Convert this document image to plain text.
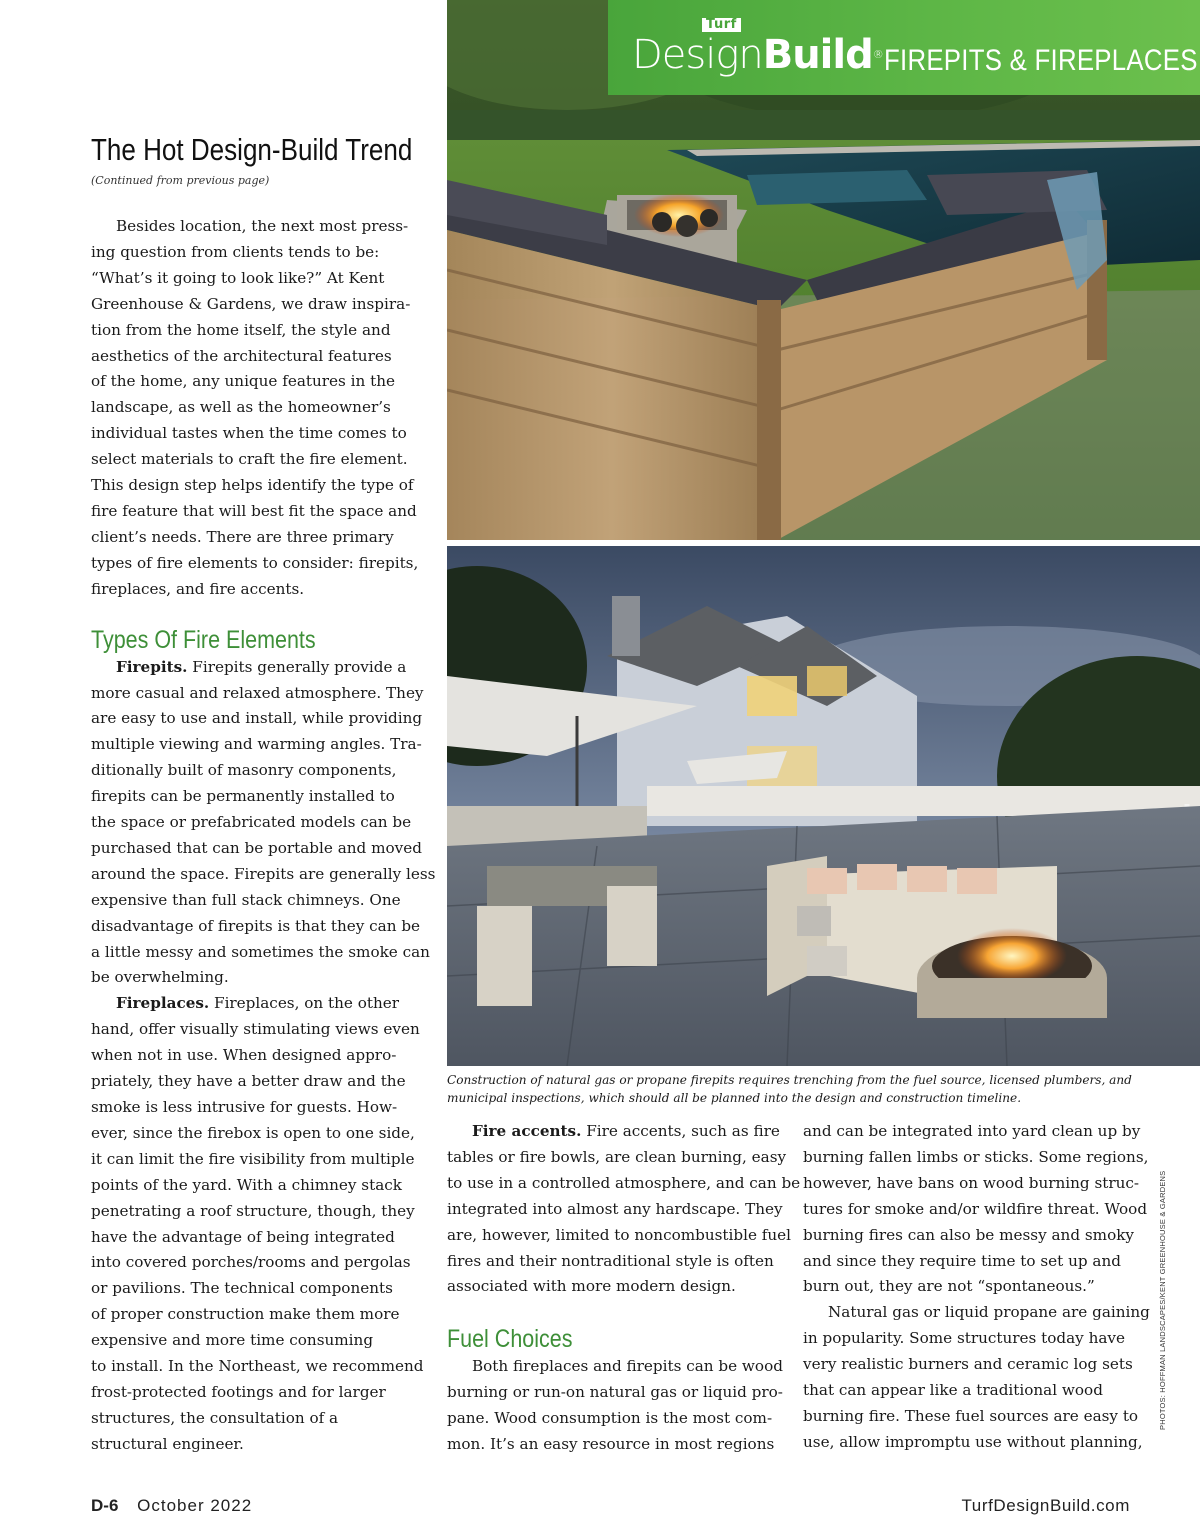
Turf
DesignBuild® FIREPITS & FIREPLACES
The Hot Design-Build Trend
(Continued from previous page)

Besides location, the next most press-
ing question from clients tends to be:
“What’s it going to look like?” At Kent
Greenhouse & Gardens, we draw inspira-
tion from the home itself, the style and
aesthetics of the architectural features
of the home, any unique features in the
landscape, as well as the homeowner’s
individual tastes when the time comes to
select materials to craft the fire element.
This design step helps identify the type of
fire feature that will best fit the space and
client’s needs. There are three primary
types of fire elements to consider: firepits,
fireplaces, and fire accents.

Types Of Fire Elements

Firepits. Firepits generally provide a
more casual and relaxed atmosphere. They
are easy to use and install, while providing
multiple viewing and warming angles. Tra-
ditionally built of masonry components,
firepits can be permanently installed to
the space or prefabricated models can be
purchased that can be portable and moved
around the space. Firepits are generally less
expensive than full stack chimneys. One
disadvantage of firepits is that they can be
a little messy and sometimes the smoke can
be overwhelming.

Fireplaces. Fireplaces, on the other
hand, offer visually stimulating views even
when not in use. When designed appro-
priately, they have a better draw and the
smoke is less intrusive for guests. How-
ever, since the firebox is open to one side,
it can limit the fire visibility from multiple
points of the yard. With a chimney stack
penetrating a roof structure, though, they
have the advantage of being integrated
into covered porches/rooms and pergolas
or pavilions. The technical components
of proper construction make them more
expensive and more time consuming
to install. In the Northeast, we recommend
frost-protected footings and for larger
structures, the consultation of a
structural engineer.

Construction of natural gas or propane firepits requires trenching from the fuel source, licensed plumbers, and municipal inspections, which should all be planned into the design and construction timeline.

Fire accents. Fire accents, such as fire
tables or fire bowls, are clean burning, easy
to use in a controlled atmosphere, and can be
integrated into almost any hardscape. They
are, however, limited to noncombustible fuel
fires and their nontraditional style is often
associated with more modern design.

Fuel Choices

Both fireplaces and firepits can be wood
burning or run-on natural gas or liquid pro-
pane. Wood consumption is the most com-
mon. It’s an easy resource in most regions

and can be integrated into yard clean up by
burning fallen limbs or sticks. Some regions,
however, have bans on wood burning struc-
tures for smoke and/or wildfire threat. Wood
burning fires can also be messy and smoky
and since they require time to set up and
burn out, they are not “spontaneous.”

Natural gas or liquid propane are gaining
in popularity. Some structures today have
very realistic burners and ceramic log sets
that can appear like a traditional wood
burning fire. These fuel sources are easy to
use, allow impromptu use without planning,

PHOTOS: HOFFMAN LANDSCAPES/KENT GREENHOUSE & GARDENS
D-6 October 2022	TurfDesignBuild.com
